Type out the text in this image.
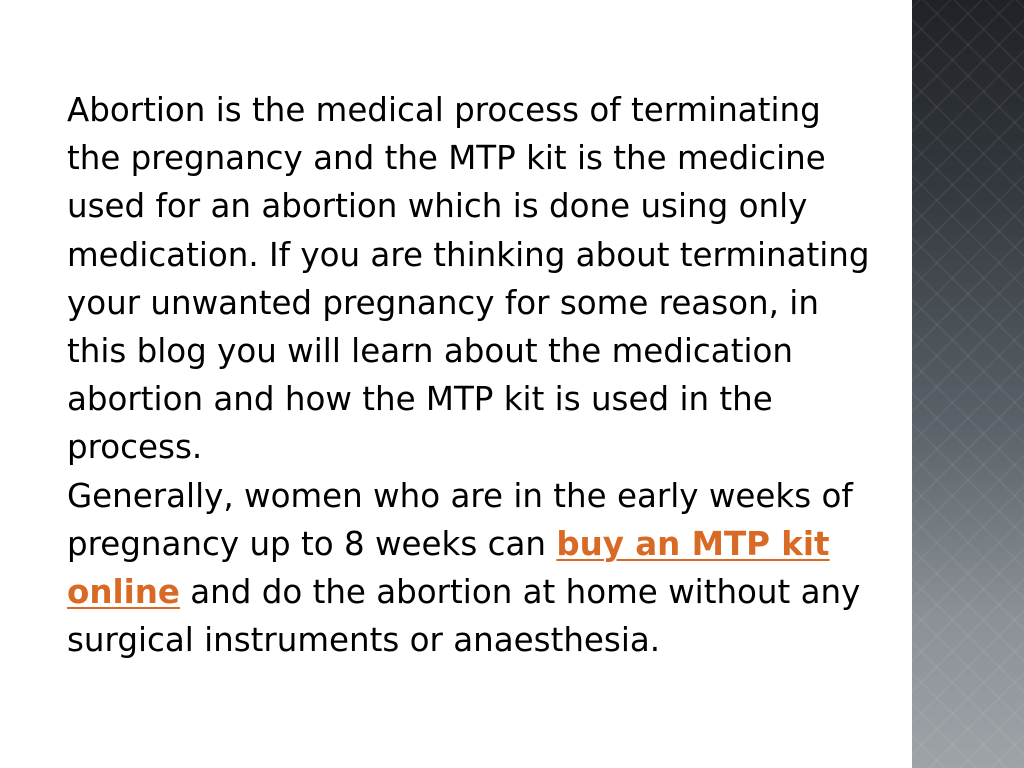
Abortion is the medical process of terminating
the pregnancy and the MTP kit is the medicine
used for an abortion which is done using only
medication. If you are thinking about terminating
your unwanted pregnancy for some reason, in
this blog you will learn about the medication
abortion and how the MTP kit is used in the
process.

Generally, women who are in the early weeks of
pregnancy up to 8 weeks can buy an MTP kit
online and do the abortion at home without any
surgical instruments or anaesthesia.
